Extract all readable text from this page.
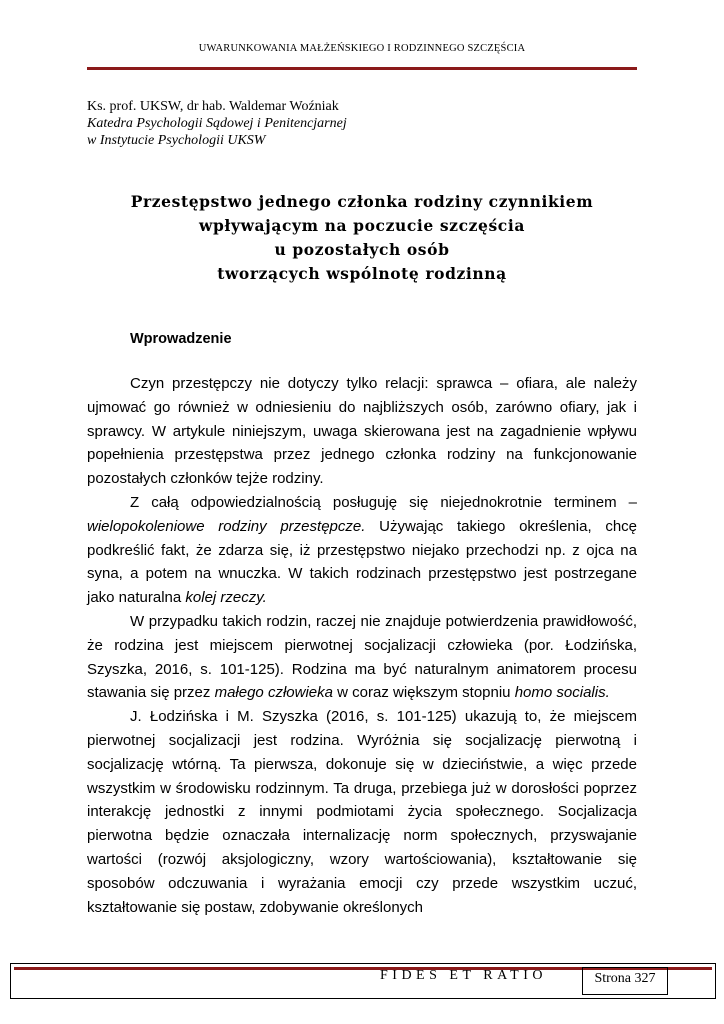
UWARUNKOWANIA MAŁŻEŃSKIEGO I RODZINNEGO SZCZĘŚCIA
Ks. prof. UKSW, dr hab. Waldemar Woźniak
Katedra Psychologii Sądowej i Penitencjarnej
w Instytucie Psychologii UKSW
Przestępstwo jednego członka rodziny czynnikiem
wpływającym na poczucie szczęścia
u pozostałych osób
tworzących wspólnotę rodzinną
Wprowadzenie

Czyn przestępczy nie dotyczy tylko relacji: sprawca – ofiara, ale należy ujmować go również w odniesieniu do najbliższych osób, zarówno ofiary, jak i sprawcy. W artykule niniejszym, uwaga skierowana jest na zagadnienie wpływu popełnienia przestępstwa przez jednego członka rodziny na funkcjonowanie pozostałych członków tejże rodziny.

Z całą odpowiedzialnością posługuję się niejednokrotnie terminem – wielopokoleniowe rodziny przestępcze. Używając takiego określenia, chcę podkreślić fakt, że zdarza się, iż przestępstwo niejako przechodzi np. z ojca na syna, a potem na wnuczka. W takich rodzinach przestępstwo jest postrzegane jako naturalna kolej rzeczy.

W przypadku takich rodzin, raczej nie znajduje potwierdzenia prawidłowość, że rodzina jest miejscem pierwotnej socjalizacji człowieka (por. Łodzińska, Szyszka, 2016, s. 101-125). Rodzina ma być naturalnym animatorem procesu stawania się przez małego człowieka w coraz większym stopniu homo socialis.

J. Łodzińska i M. Szyszka (2016, s. 101-125) ukazują to, że miejscem pierwotnej socjalizacji jest rodzina. Wyróżnia się socjalizację pierwotną i socjalizację wtórną. Ta pierwsza, dokonuje się w dzieciństwie, a więc przede wszystkim w środowisku rodzinnym. Ta druga, przebiega już w dorosłości poprzez interakcję jednostki z innymi podmiotami życia społecznego. Socjalizacja pierwotna będzie oznaczała internalizację norm społecznych, przyswajanie wartości (rozwój aksjologiczny, wzory wartościowania), kształtowanie się sposobów odczuwania i wyrażania emocji czy przede wszystkim uczuć, kształtowanie się postaw, zdobywanie określonych

FIDES ET RATIO	Strona 327
